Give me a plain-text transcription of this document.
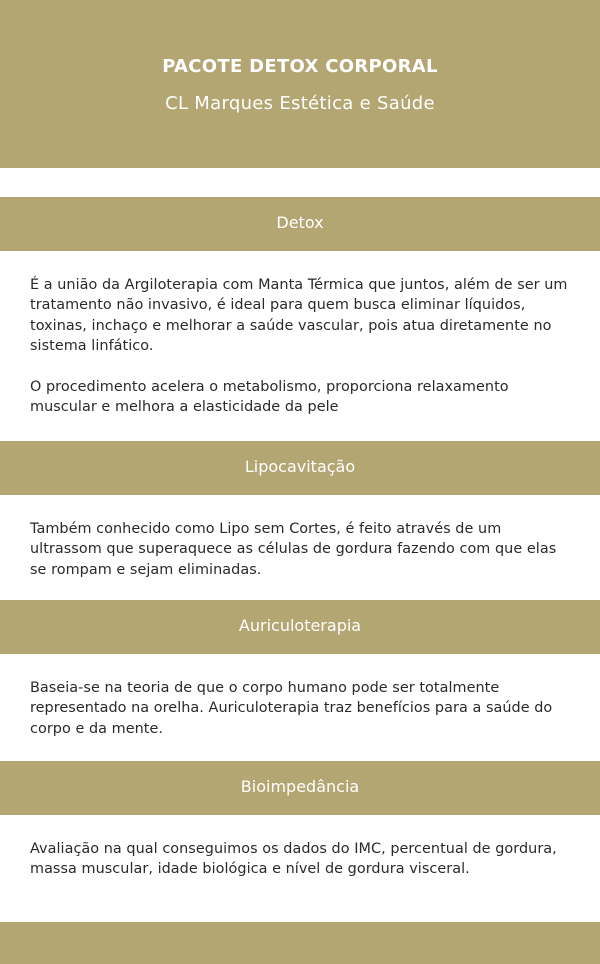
PACOTE DETOX CORPORAL
CL Marques Estética e Saúde
Detox

É a união da Argiloterapia com Manta Térmica que juntos, além de ser um tratamento não invasivo, é ideal para quem busca eliminar líquidos, toxinas, inchaço e melhorar a saúde vascular, pois atua diretamente no sistema linfático.

O procedimento acelera o metabolismo, proporciona relaxamento muscular e melhora a elasticidade da pele

Lipocavitação

Também conhecido como Lipo sem Cortes, é feito através de um ultrassom que superaquece as células de gordura fazendo com que elas se rompam e sejam eliminadas.

Auriculoterapia

Baseia-se na teoria de que o corpo humano pode ser totalmente representado na orelha. Auriculoterapia traz benefícios para a saúde do corpo e da mente.

Bioimpedância

Avaliação na qual conseguimos os dados do IMC, percentual de gordura, massa muscular, idade biológica e nível de gordura visceral.
